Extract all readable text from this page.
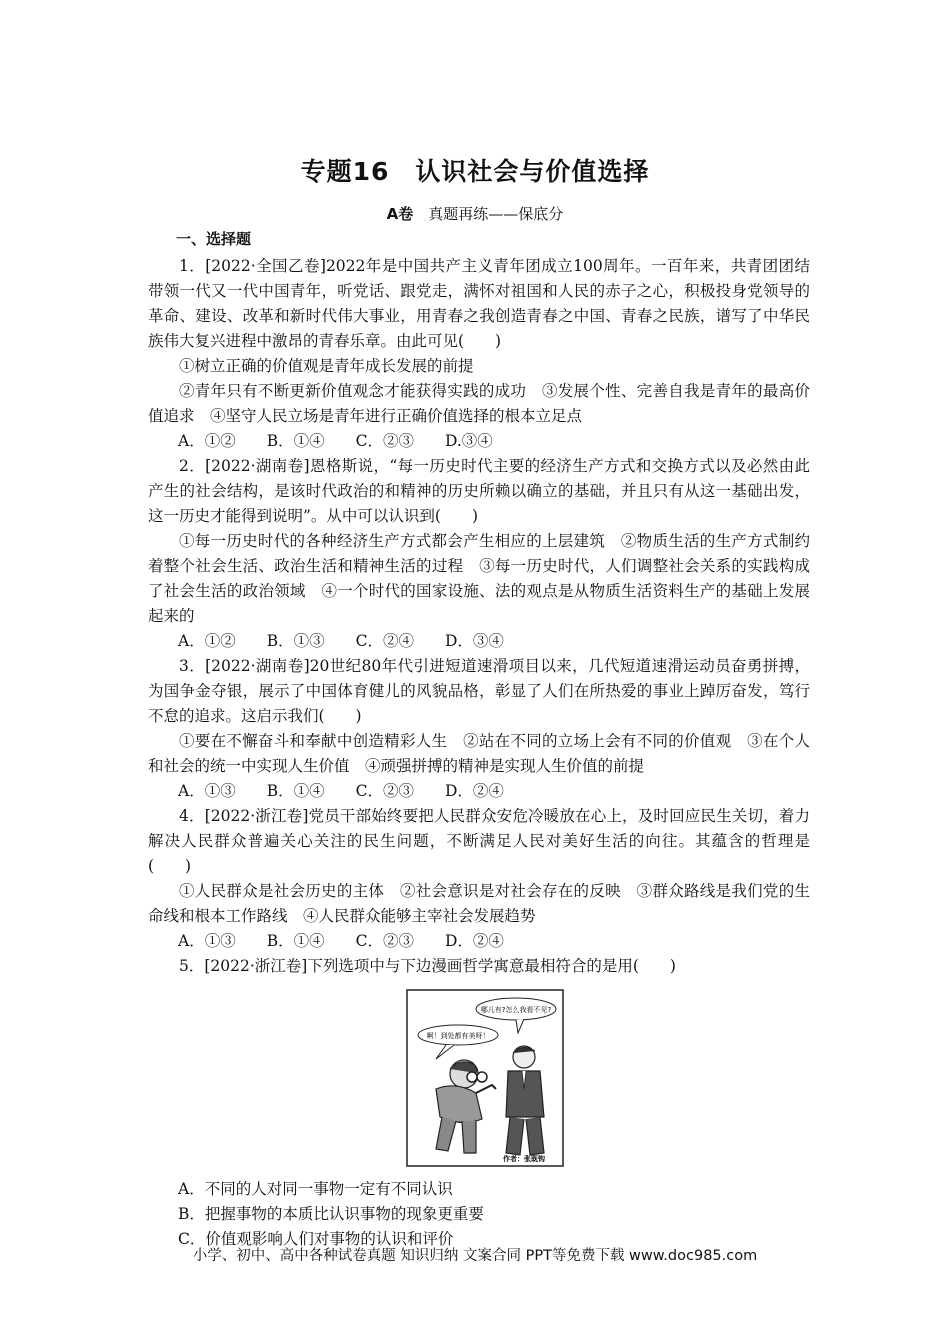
专题16　认识社会与价值选择
A卷　 真题再练——保底分
一、选择题

1．[2022·全国乙卷]2022年是中国共产主义青年团成立100周年。一百年来，共青团团结带领一代又一代中国青年，听党话、跟党走，满怀对祖国和人民的赤子之心，积极投身党领导的革命、建设、改革和新时代伟大事业，用青春之我创造青春之中国、青春之民族，谱写了中华民族伟大复兴进程中激昂的青春乐章。由此可见(　　)

①树立正确的价值观是青年成长发展的前提

②青年只有不断更新价值观念才能获得实践的成功　③发展个性、完善自我是青年的最高价值追求　④坚守人民立场是青年进行正确价值选择的根本立足点

A．①②　　B．①④　　C．②③　　D.③④

2．[2022·湖南卷]恩格斯说，“每一历史时代主要的经济生产方式和交换方式以及必然由此产生的社会结构，是该时代政治的和精神的历史所赖以确立的基础，并且只有从这一基础出发，这一历史才能得到说明”。从中可以认识到(　　)

①每一历史时代的各种经济生产方式都会产生相应的上层建筑　②物质生活的生产方式制约着整个社会生活、政治生活和精神生活的过程　③每一历史时代，人们调整社会关系的实践构成了社会生活的政治领域　④一个时代的国家设施、法的观点是从物质生活资料生产的基础上发展起来的

A．①②　　B．①③　　C．②④　　D．③④

3．[2022·湖南卷]20世纪80年代引进短道速滑项目以来，几代短道速滑运动员奋勇拼搏，为国争金夺银，展示了中国体育健儿的风貌品格，彰显了人们在所热爱的事业上踔厉奋发，笃行不怠的追求。这启示我们(　　)

①要在不懈奋斗和奉献中创造精彩人生　②站在不同的立场上会有不同的价值观　③在个人和社会的统一中实现人生价值　④顽强拼搏的精神是实现人生价值的前提

A．①③　　B．①④　　C．②③　　D．②④

4．[2022·浙江卷]党员干部始终要把人民群众安危冷暖放在心上，及时回应民生关切，着力解决人民群众普遍关心关注的民生问题，不断满足人民对美好生活的向往。其蕴含的哲理是(　　)

①人民群众是社会历史的主体　②社会意识是对社会存在的反映　③群众路线是我们党的生命线和根本工作路线　④人民群众能够主宰社会发展趋势

A．①③　　B．①④　　C．②③　　D．②④

5．[2022·浙江卷]下列选项中与下边漫画哲学寓意最相符合的是用(　　)

哪儿有?怎么我看不见?
啊！到处都有美呀！
作者：张既钩

A．不同的人对同一事物一定有不同认识

B．把握事物的本质比认识事物的现象更重要

C．价值观影响人们对事物的认识和评价

小学、初中、高中各种试卷真题 知识归纳 文案合同 PPT等免费下载 www.doc985.com
